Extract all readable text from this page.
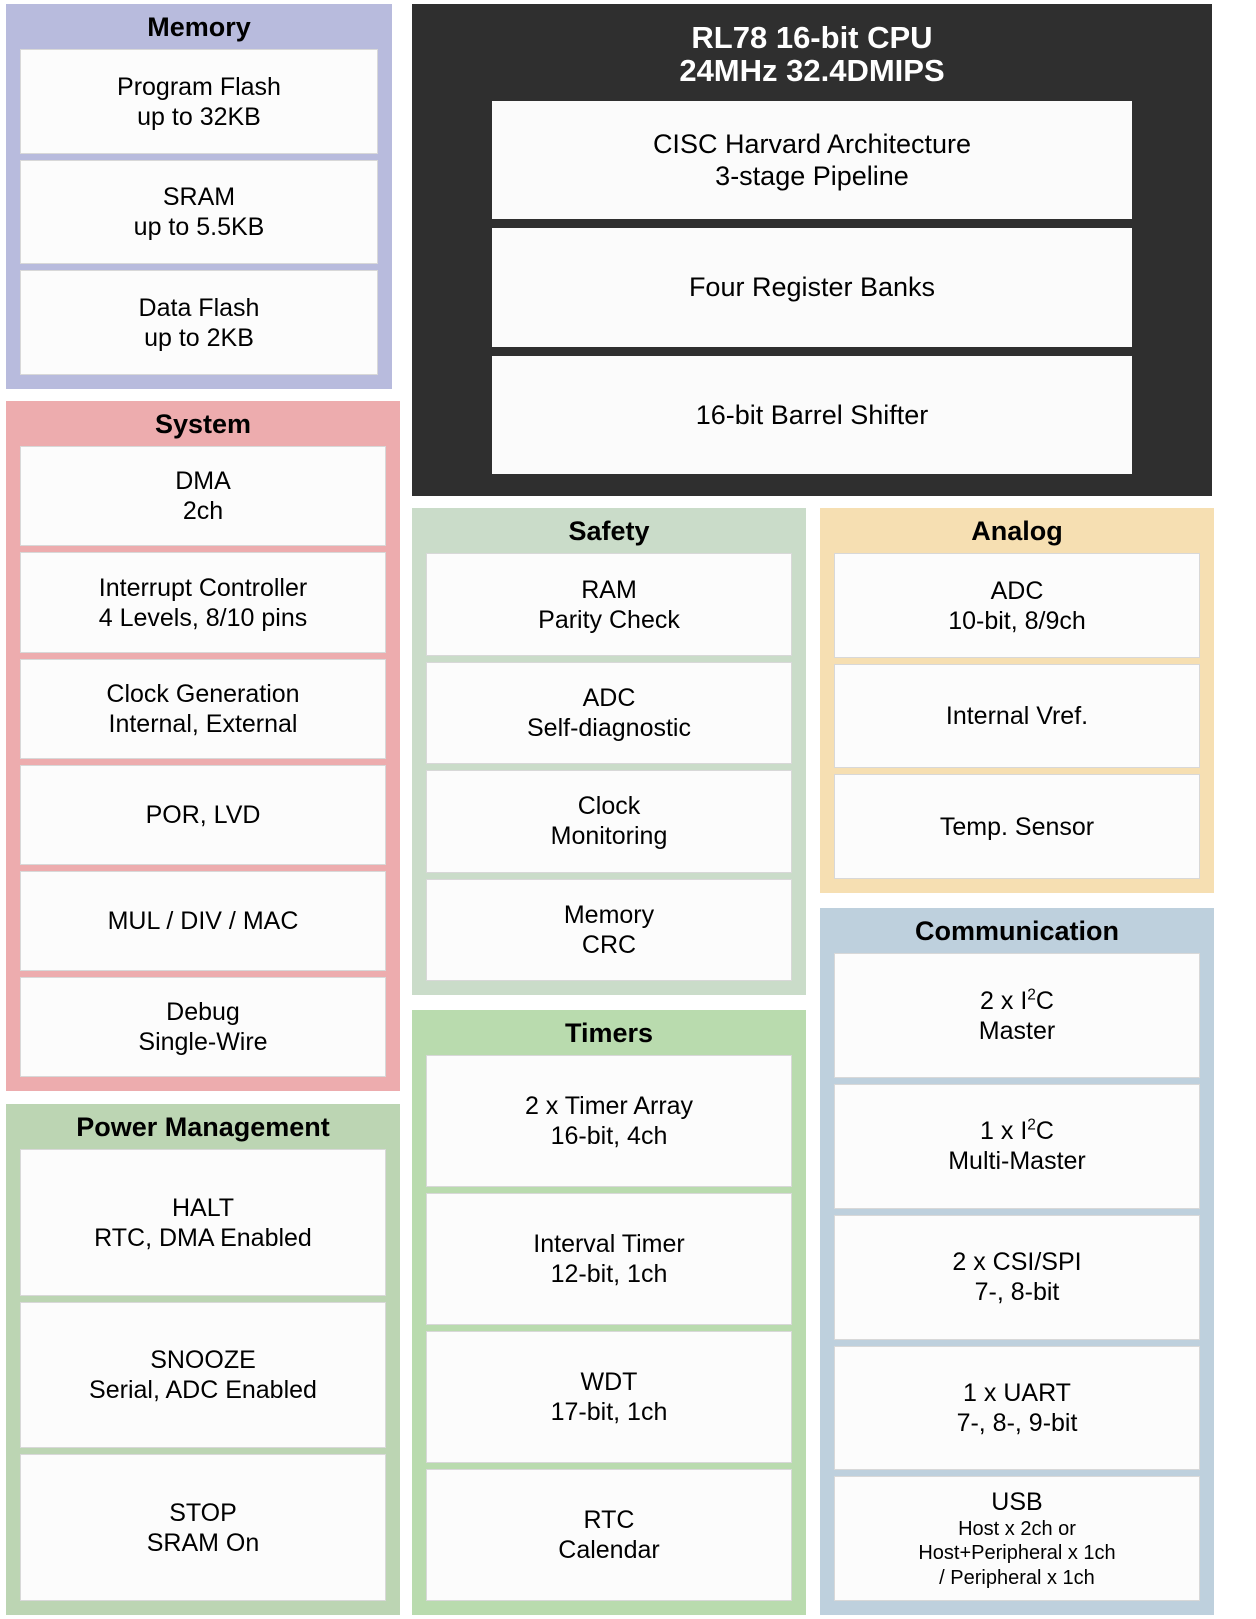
Memory
Program Flash
up to 32KB
SRAM
up to 5.5KB
Data Flash
up to 2KB
System
DMA
2ch
Interrupt Controller
4 Levels, 8/10 pins
Clock Generation
Internal, External
POR, LVD
MUL / DIV / MAC
Debug
Single-Wire
Power Management
HALT
RTC, DMA Enabled
SNOOZE
Serial, ADC Enabled
STOP
SRAM On
RL78 16-bit CPU
24MHz 32.4DMIPS
CISC Harvard Architecture
3-stage Pipeline
Four Register Banks
16-bit Barrel Shifter
Safety
RAM
Parity Check
ADC
Self-diagnostic
Clock
Monitoring
Memory
CRC
Timers
2 x Timer Array
16-bit, 4ch
Interval Timer
12-bit, 1ch
WDT
17-bit, 1ch
RTC
Calendar
Analog
ADC
10-bit, 8/9ch
Internal Vref.
Temp. Sensor
Communication
2 x $I^2C$
Master
1 x $I^2C$
Multi-Master
2 x CSI/SPI
7-, 8-bit
1 x UART
7-, 8-, 9-bit
USB
Host x 2ch or
Host+Peripheral x 1ch
/ Peripheral x 1ch
